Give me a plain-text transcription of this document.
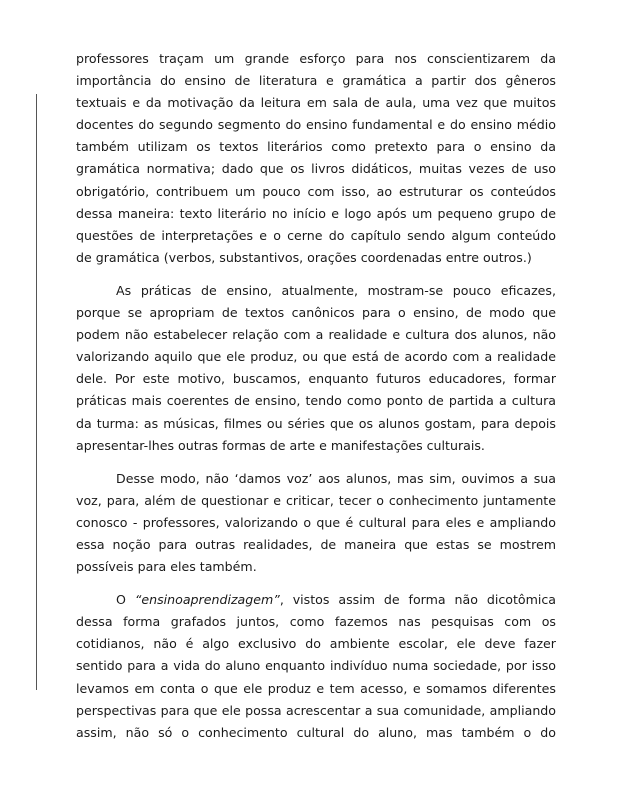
professores traçam um grande esforço para nos conscientizarem da
importância do ensino de literatura e gramática a partir dos gêneros
textuais e da motivação da leitura em sala de aula, uma vez que muitos
docentes do segundo segmento do ensino fundamental e do ensino médio
também utilizam os textos literários como pretexto para o ensino da
gramática normativa; dado que os livros didáticos, muitas vezes de uso
obrigatório, contribuem um pouco com isso, ao estruturar os conteúdos
dessa maneira: texto literário no início e logo após um pequeno grupo de
questões de interpretações e o cerne do capítulo sendo algum conteúdo
de gramática (verbos, substantivos, orações coordenadas entre outros.)
As práticas de ensino, atualmente, mostram-se pouco eficazes,
porque se apropriam de textos canônicos para o ensino, de modo que
podem não estabelecer relação com a realidade e cultura dos alunos, não
valorizando aquilo que ele produz, ou que está de acordo com a realidade
dele. Por este motivo, buscamos, enquanto futuros educadores, formar
práticas mais coerentes de ensino, tendo como ponto de partida a cultura
da turma: as músicas, filmes ou séries que os alunos gostam, para depois
apresentar-lhes outras formas de arte e manifestações culturais.
Desse modo, não ‘damos voz’ aos alunos, mas sim, ouvimos a sua
voz, para, além de questionar e criticar, tecer o conhecimento juntamente
conosco - professores, valorizando o que é cultural para eles e ampliando
essa noção para outras realidades, de maneira que estas se mostrem
possíveis para eles também.
O “ensinoaprendizagem”, vistos assim de forma não dicotômica
dessa forma grafados juntos, como fazemos nas pesquisas com os
cotidianos, não é algo exclusivo do ambiente escolar, ele deve fazer
sentido para a vida do aluno enquanto indivíduo numa sociedade, por isso
levamos em conta o que ele produz e tem acesso, e somamos diferentes
perspectivas para que ele possa acrescentar a sua comunidade, ampliando
assim, não só o conhecimento cultural do aluno, mas também o do
